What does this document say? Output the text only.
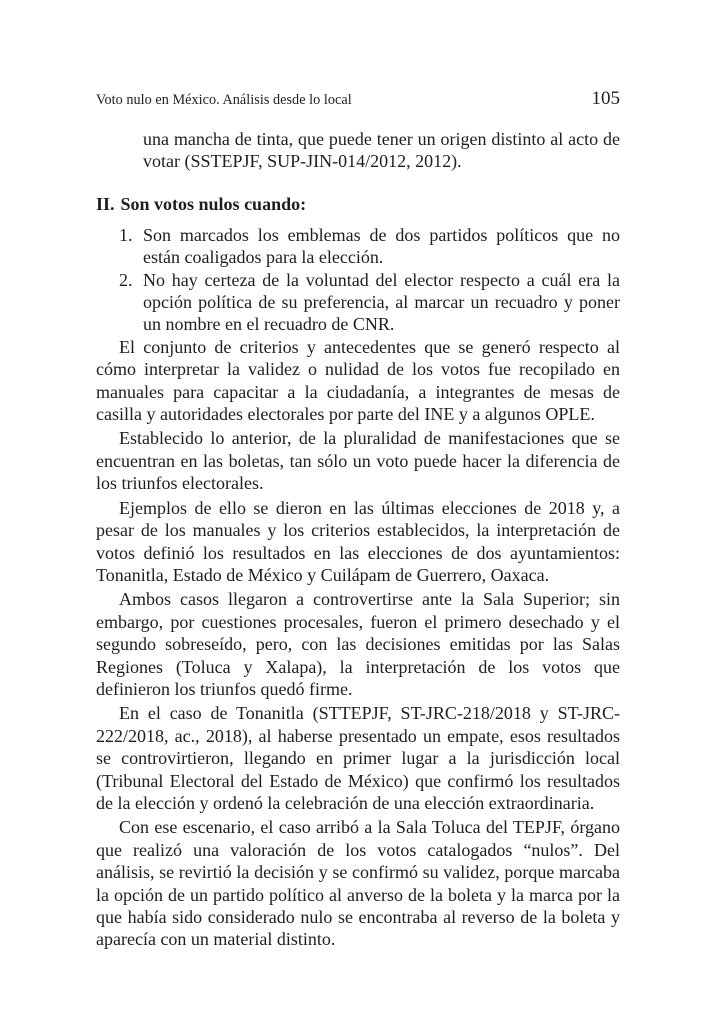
Voto nulo en México. Análisis desde lo local	105

una mancha de tinta, que puede tener un origen distinto al acto de votar (SSTEPJF, SUP-JIN-014/2012, 2012).

II. Son votos nulos cuando:
1. Son marcados los emblemas de dos partidos políticos que no están coaligados para la elección.
2. No hay certeza de la voluntad del elector respecto a cuál era la opción política de su preferencia, al marcar un recuadro y poner un nombre en el recuadro de CNR.

El conjunto de criterios y antecedentes que se generó respecto al cómo interpretar la validez o nulidad de los votos fue recopilado en manuales para capacitar a la ciudadanía, a integrantes de mesas de casilla y autoridades electorales por parte del INE y a algunos OPLE.

Establecido lo anterior, de la pluralidad de manifestaciones que se encuentran en las boletas, tan sólo un voto puede hacer la diferencia de los triunfos electorales.

Ejemplos de ello se dieron en las últimas elecciones de 2018 y, a pesar de los manuales y los criterios establecidos, la interpretación de votos definió los resultados en las elecciones de dos ayuntamientos: Tonanitla, Estado de México y Cuilápam de Guerrero, Oaxaca.

Ambos casos llegaron a controvertirse ante la Sala Superior; sin embargo, por cuestiones procesales, fueron el primero desechado y el segundo sobreseído, pero, con las decisiones emitidas por las Salas Regiones (Toluca y Xalapa), la interpretación de los votos que definieron los triunfos quedó firme.

En el caso de Tonanitla (STTEPJF, ST-JRC-218/2018 y ST-JRC-222/2018, ac., 2018), al haberse presentado un empate, esos resultados se controvirtieron, llegando en primer lugar a la jurisdicción local (Tribunal Electoral del Estado de México) que confirmó los resultados de la elección y ordenó la celebración de una elección extraordinaria.

Con ese escenario, el caso arribó a la Sala Toluca del TEPJF, órgano que realizó una valoración de los votos catalogados “nulos”. Del análisis, se revirtió la decisión y se confirmó su validez, porque marcaba la opción de un partido político al anverso de la boleta y la marca por la que había sido considerado nulo se encontraba al reverso de la boleta y aparecía con un material distinto.
